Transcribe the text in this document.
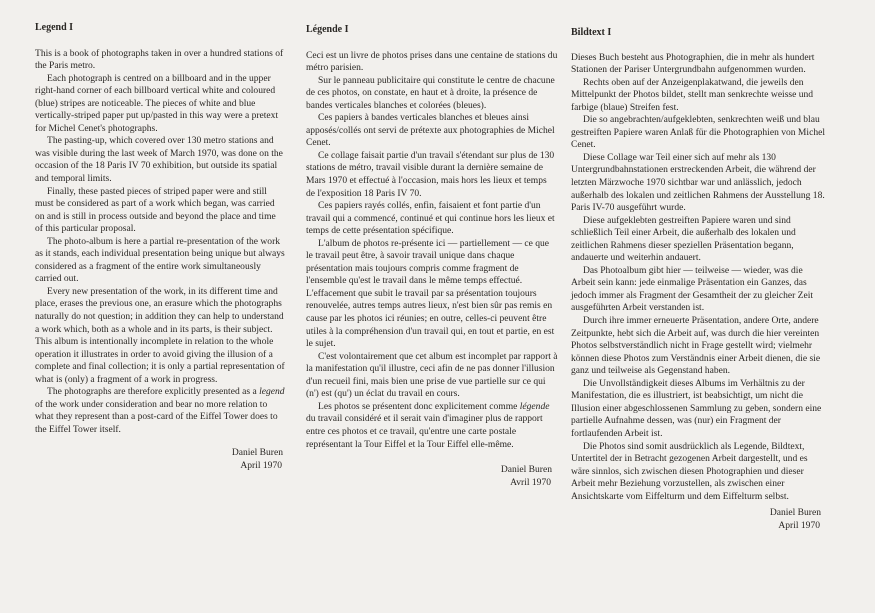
Legend I

This is a book of photographs taken in over a hundred stations of the Paris metro.

Each photograph is centred on a billboard and in the upper right-hand corner of each billboard vertical white and coloured (blue) stripes are noticeable. The pieces of white and blue vertically-striped paper put up/pasted in this way were a pretext for Michel Cenet's photographs.

The pasting-up, which covered over 130 metro stations and was visible during the last week of March 1970, was done on the occasion of the 18 Paris IV 70 exhibition, but outside its spatial and temporal limits.

Finally, these pasted pieces of striped paper were and still must be considered as part of a work which began, was carried on and is still in process outside and beyond the place and time of this particular proposal.

The photo-album is here a partial re-presentation of the work as it stands, each individual presentation being unique but always considered as a fragment of the entire work simultaneously carried out.

Every new presentation of the work, in its different time and place, erases the previous one, an erasure which the photographs naturally do not question; in addition they can help to understand a work which, both as a whole and in its parts, is their subject. This album is intentionally incomplete in relation to the whole operation it illustrates in order to avoid giving the illusion of a complete and final collection; it is only a partial representation of what is (only) a fragment of a work in progress.

The photographs are therefore explicitly presented as a legend of the work under consideration and bear no more relation to what they represent than a post-card of the Eiffel Tower does to the Eiffel Tower itself.

Daniel Buren
April 1970
Légende I

Ceci est un livre de photos prises dans une centaine de stations du métro parisien.

Sur le panneau publicitaire qui constitute le centre de chacune de ces photos, on constate, en haut et à droite, la présence de bandes verticales blanches et colorées (bleues).

Ces papiers à bandes verticales blanches et bleues ainsi apposés/collés ont servi de prétexte aux photographies de Michel Cenet.

Ce collage faisait partie d'un travail s'étendant sur plus de 130 stations de métro, travail visible durant la dernière semaine de Mars 1970 et effectué à l'occasion, mais hors les lieux et temps de l'exposition 18 Paris IV 70.

Ces papiers rayés collés, enfin, faisaient et font partie d'un travail qui a commencé, continué et qui continue hors les lieux et temps de cette présentation spécifique.

L'album de photos re-présente ici — partiellement — ce que le travail peut être, à savoir travail unique dans chaque présentation mais toujours compris comme fragment de l'ensemble qu'est le travail dans le même temps effectué. L'effacement que subit le travail par sa présentation toujours renouvelée, autres temps autres lieux, n'est bien sûr pas remis en cause par les photos ici réunies; en outre, celles-ci peuvent être utiles à la compréhension d'un travail qui, en tout et partie, en est le sujet.

C'est volontairement que cet album est incomplet par rapport à la manifestation qu'il illustre, ceci afin de ne pas donner l'illusion d'un recueil fini, mais bien une prise de vue partielle sur ce qui (n') est (qu') un éclat du travail en cours.

Les photos se présentent donc explicitement comme légende du travail considéré et il serait vain d'imaginer plus de rapport entre ces photos et ce travail, qu'entre une carte postale représentant la Tour Eiffel et la Tour Eiffel elle-même.

Daniel Buren
Avril 1970
Bildtext I

Dieses Buch besteht aus Photographien, die in mehr als hundert Stationen der Pariser Untergrundbahn aufgenommen wurden.

Rechts oben auf der Anzeigenplakatwand, die jeweils den Mittelpunkt der Photos bildet, stellt man senkrechte weisse und farbige (blaue) Streifen fest.

Die so angebrachten/aufgeklebten, senkrechten weiß und blau gestreiften Papiere waren Anlaß für die Photographien von Michel Cenet.

Diese Collage war Teil einer sich auf mehr als 130 Untergrundbahnstationen erstreckenden Arbeit, die während der letzten Märzwoche 1970 sichtbar war und anlässlich, jedoch außerhalb des lokalen und zeitlichen Rahmens der Ausstellung 18. Paris IV-70 ausgeführt wurde.

Diese aufgeklebten gestreiften Papiere waren und sind schließlich Teil einer Arbeit, die außerhalb des lokalen und zeitlichen Rahmens dieser speziellen Präsentation begann, andauerte und weiterhin andauert.

Das Photoalbum gibt hier — teilweise — wieder, was die Arbeit sein kann: jede einmalige Präsentation ein Ganzes, das jedoch immer als Fragment der Gesamtheit der zu gleicher Zeit ausgeführten Arbeit verstanden ist.

Durch ihre immer erneuerte Präsentation, andere Orte, andere Zeitpunkte, hebt sich die Arbeit auf, was durch die hier vereinten Photos selbstverständlich nicht in Frage gestellt wird; vielmehr können diese Photos zum Verständnis einer Arbeit dienen, die sie ganz und teilweise als Gegenstand haben.

Die Unvollständigkeit dieses Albums im Verhältnis zu der Manifestation, die es illustriert, ist beabsichtigt, um nicht die Illusion einer abgeschlossenen Sammlung zu geben, sondern eine partielle Aufnahme dessen, was (nur) ein Fragment der fortlaufenden Arbeit ist.

Die Photos sind somit ausdrücklich als Legende, Bildtext, Untertitel der in Betracht gezogenen Arbeit dargestellt, und es wäre sinnlos, sich zwischen diesen Photographien und dieser Arbeit mehr Beziehung vorzustellen, als zwischen einer Ansichtskarte vom Eiffelturm und dem Eiffelturm selbst.

Daniel Buren
April 1970
